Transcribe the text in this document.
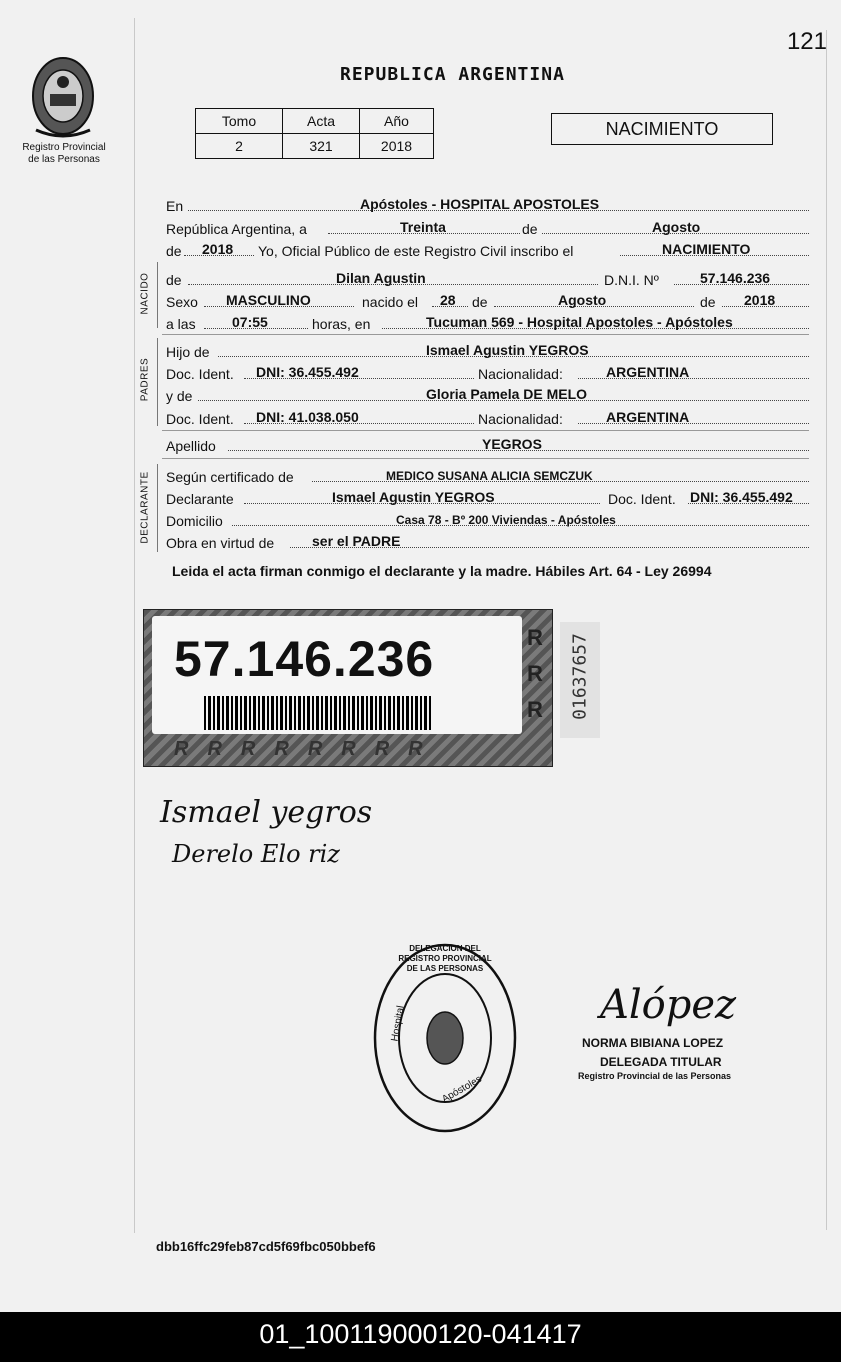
121
Registro Provincial
de las Personas
REPUBLICA ARGENTINA
Tomo	Acta	Año
2	321	2018
NACIMIENTO
NACIDO
PADRES
DECLARANTE
En	Apóstoles - HOSPITAL APOSTOLES
República Argentina, a	Treinta	de	Agosto
de 2018 Yo, Oficial Público de este Registro Civil inscribo el	NACIMIENTO
de	Dilan Agustin	D.N.I. Nº	57.146.236
Sexo MASCULINO	nacido el 28 de	Agosto	de 2018
a las	07:55	horas, en	Tucuman 569 - Hospital Apostoles - Apóstoles
Hijo de	Ismael Agustin YEGROS
Doc. Ident. DNI: 36.455.492	Nacionalidad:	ARGENTINA
y de	Gloria Pamela DE MELO
Doc. Ident. DNI: 41.038.050	Nacionalidad:	ARGENTINA
Apellido	YEGROS
Según certificado de	MEDICO SUSANA ALICIA SEMCZUK
Declarante	Ismael Agustin YEGROS	Doc. Ident. DNI: 36.455.492
Domicilio	Casa 78 - Bº 200 Viviendas - Apóstoles
Obra en virtud de	ser el PADRE
Leida el acta firman conmigo el declarante y la madre. Hábiles Art. 64 - Ley 26994
57.146.236	R
R
R
RRRRRRRR
01637657
Ismael yegros
Derelo Elo riz
DELEGACION DEL REGISTRO PROVINCIAL DE LAS PERSONAS
Hospital
Apóstoles
Alópez
NORMA BIBIANA LOPEZ
DELEGADA TITULAR
Registro Provincial de las Personas
dbb16ffc29feb87cd5f69fbc050bbef6
01_100119000120-041417
